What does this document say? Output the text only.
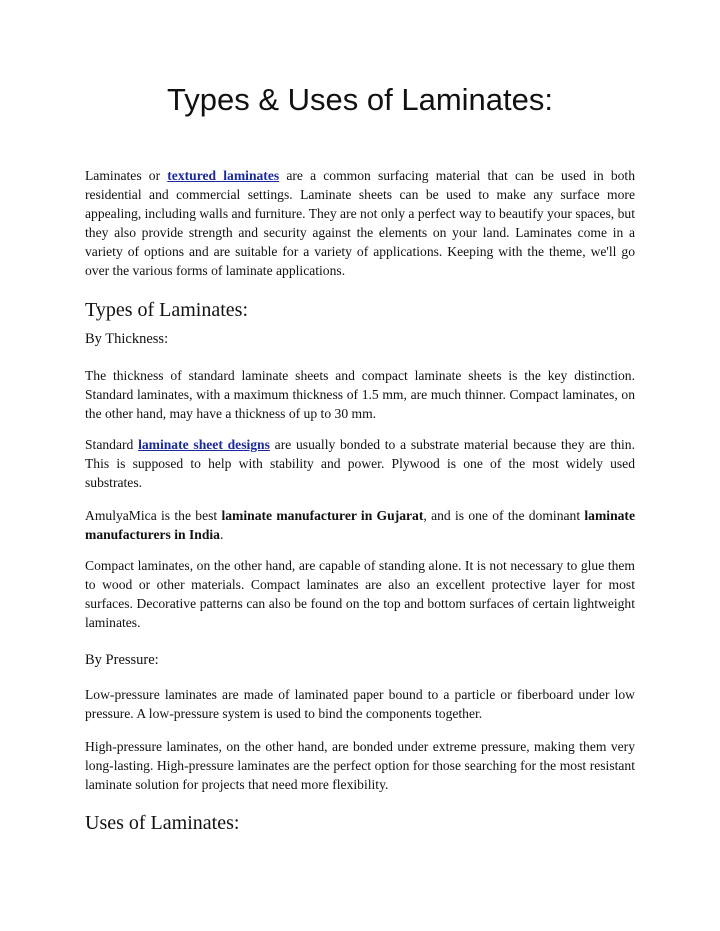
Types & Uses of Laminates:

Laminates or textured laminates are a common surfacing material that can be used in both residential and commercial settings. Laminate sheets can be used to make any surface more appealing, including walls and furniture. They are not only a perfect way to beautify your spaces, but they also provide strength and security against the elements on your land. Laminates come in a variety of options and are suitable for a variety of applications. Keeping with the theme, we'll go over the various forms of laminate applications.

Types of Laminates:

By Thickness:

The thickness of standard laminate sheets and compact laminate sheets is the key distinction. Standard laminates, with a maximum thickness of 1.5 mm, are much thinner. Compact laminates, on the other hand, may have a thickness of up to 30 mm.

Standard laminate sheet designs are usually bonded to a substrate material because they are thin. This is supposed to help with stability and power. Plywood is one of the most widely used substrates.

AmulyaMica is the best laminate manufacturer in Gujarat, and is one of the dominant laminate manufacturers in India.

Compact laminates, on the other hand, are capable of standing alone. It is not necessary to glue them to wood or other materials. Compact laminates are also an excellent protective layer for most surfaces. Decorative patterns can also be found on the top and bottom surfaces of certain lightweight laminates.

By Pressure:

Low-pressure laminates are made of laminated paper bound to a particle or fiberboard under low pressure. A low-pressure system is used to bind the components together.

High-pressure laminates, on the other hand, are bonded under extreme pressure, making them very long-lasting. High-pressure laminates are the perfect option for those searching for the most resistant laminate solution for projects that need more flexibility.

Uses of Laminates:
